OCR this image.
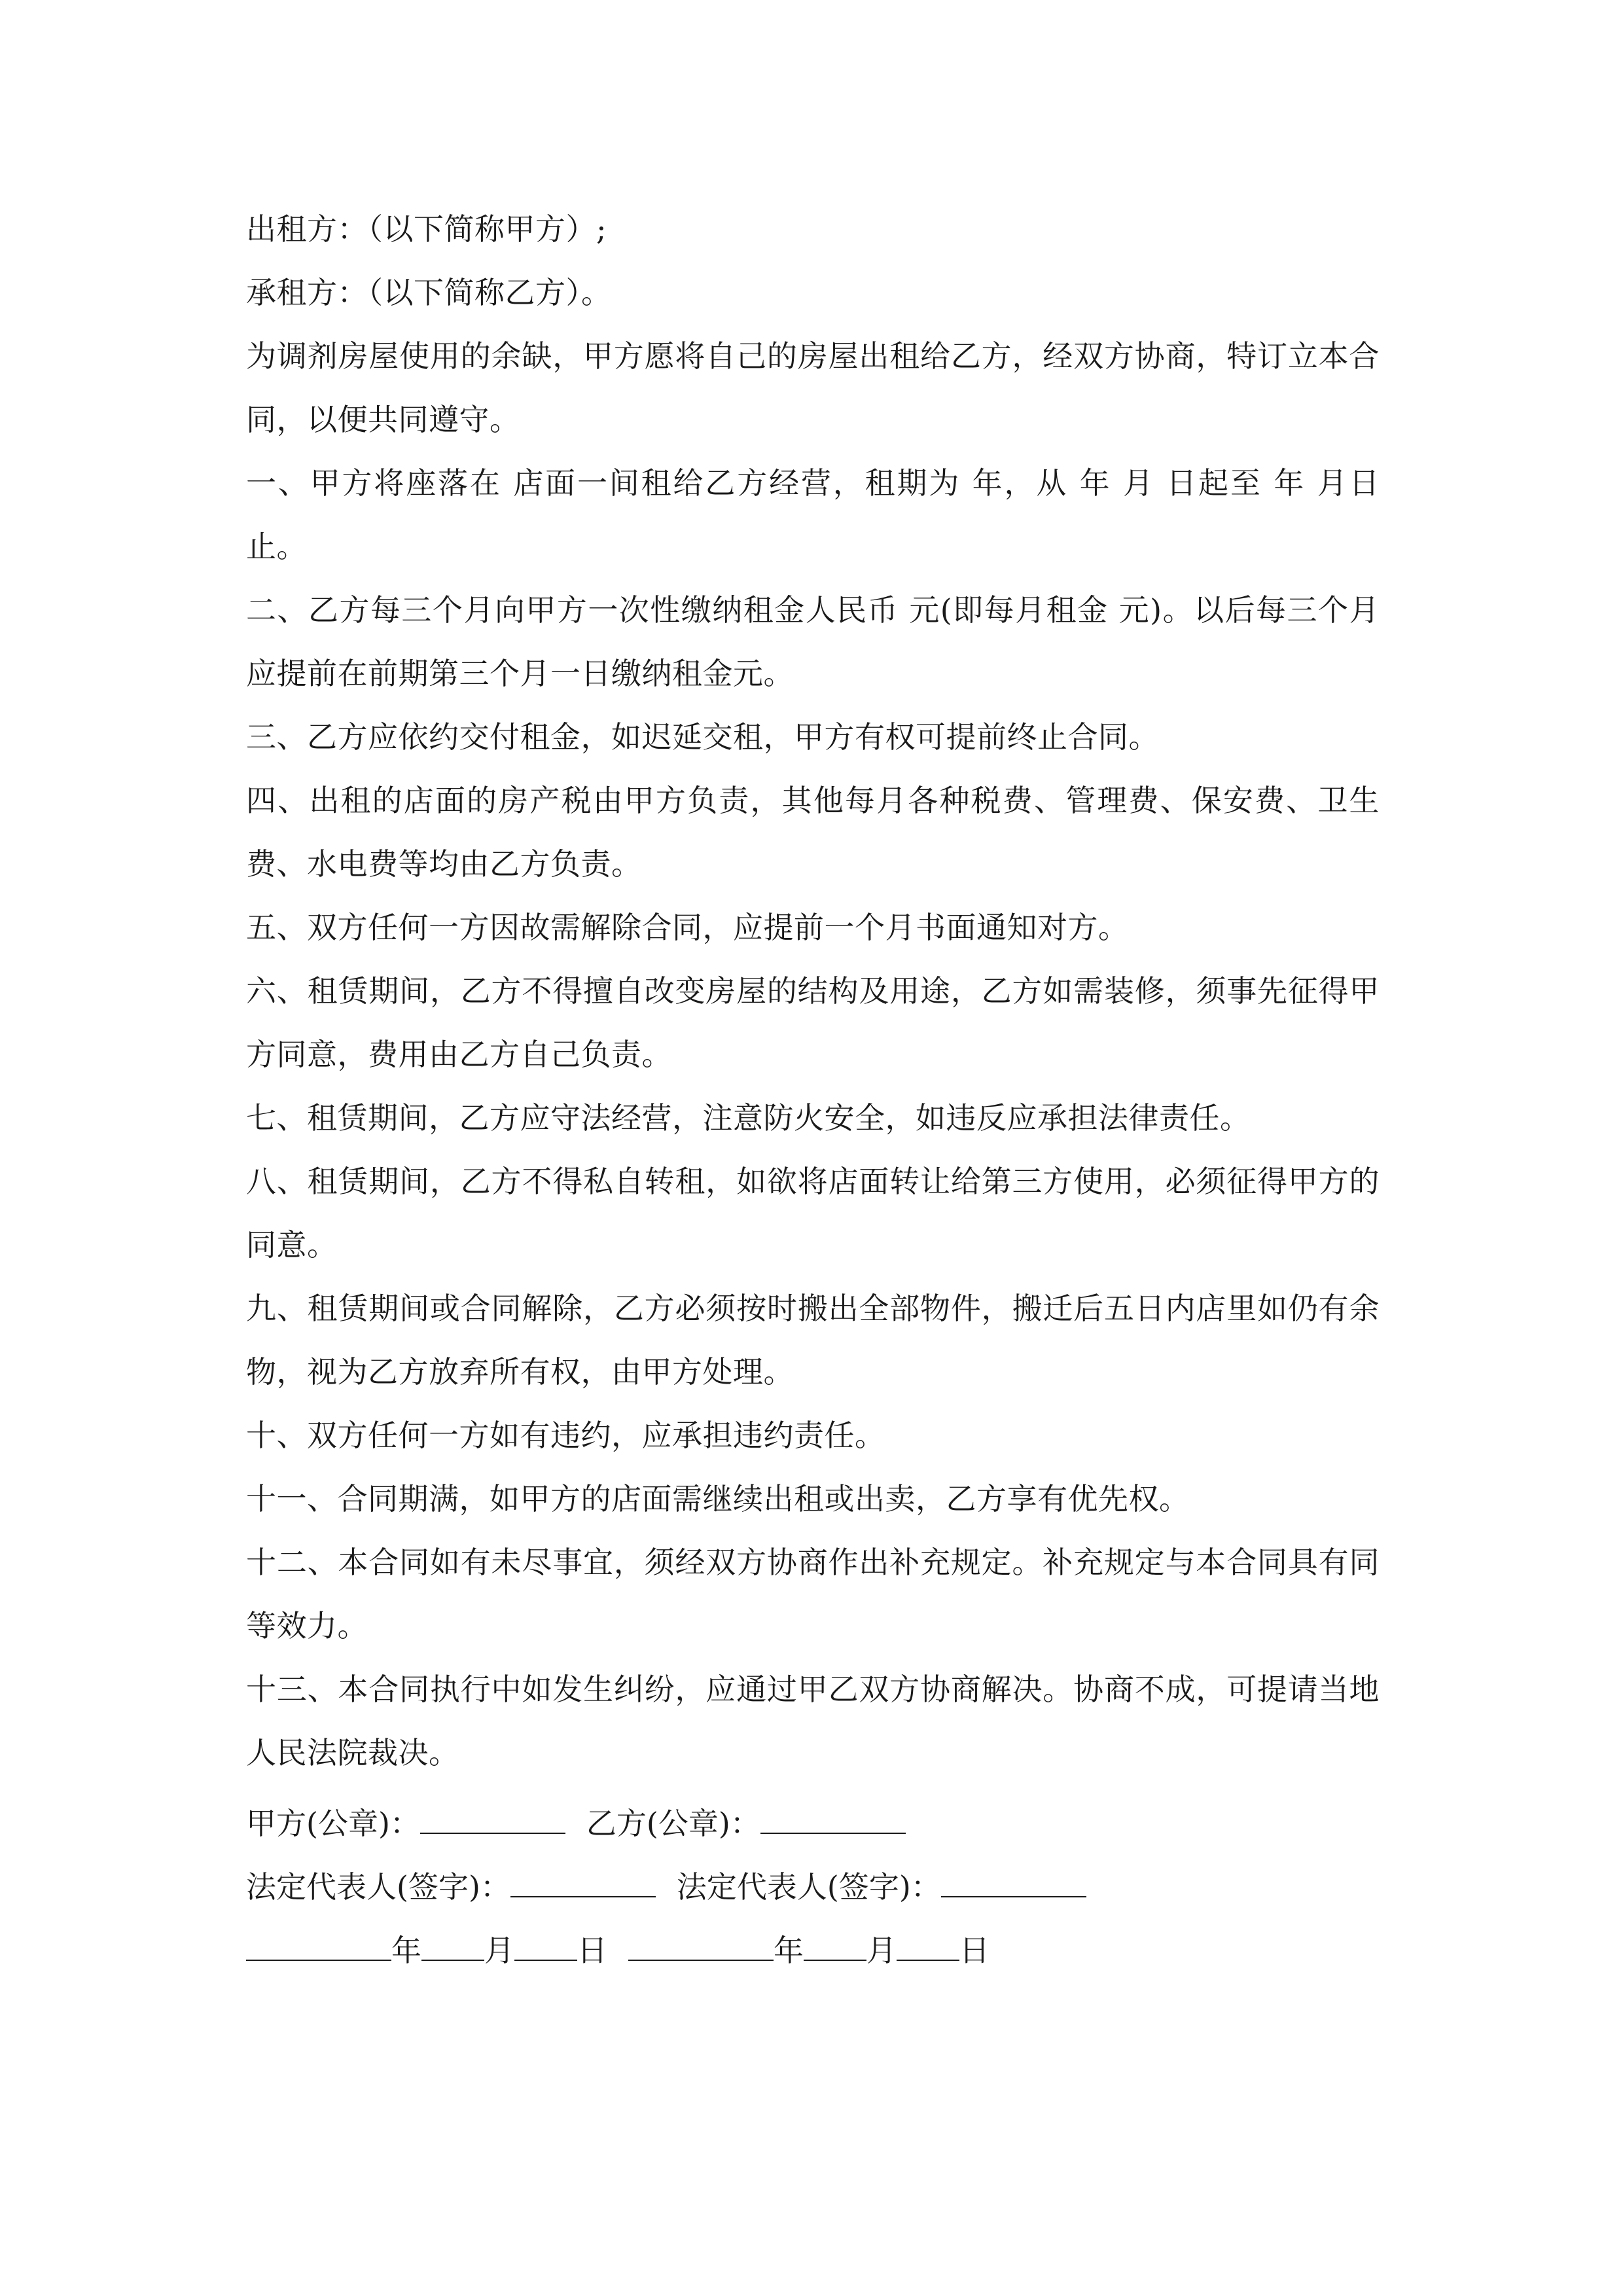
出租方：（以下简称甲方）;

承租方：（以下简称乙方）。

为调剂房屋使用的余缺，甲方愿将自己的房屋出租给乙方，经双方协商，特订立本合同，以便共同遵守。

一、甲方将座落在 店面一间租给乙方经营，租期为 年，从 年 月 日起至 年 月日止。

二、乙方每三个月向甲方一次性缴纳租金人民币 元(即每月租金 元)。以后每三个月应提前在前期第三个月一日缴纳租金元。

三、乙方应依约交付租金，如迟延交租，甲方有权可提前终止合同。

四、出租的店面的房产税由甲方负责，其他每月各种税费、管理费、保安费、卫生费、水电费等均由乙方负责。

五、双方任何一方因故需解除合同，应提前一个月书面通知对方。

六、租赁期间，乙方不得擅自改变房屋的结构及用途，乙方如需装修，须事先征得甲方同意，费用由乙方自己负责。

七、租赁期间，乙方应守法经营，注意防火安全，如违反应承担法律责任。

八、租赁期间，乙方不得私自转租，如欲将店面转让给第三方使用，必须征得甲方的同意。

九、租赁期间或合同解除，乙方必须按时搬出全部物件，搬迁后五日内店里如仍有余物，视为乙方放弃所有权，由甲方处理。

十、双方任何一方如有违约，应承担违约责任。

十一、合同期满，如甲方的店面需继续出租或出卖，乙方享有优先权。

十二、本合同如有未尽事宜，须经双方协商作出补充规定。补充规定与本合同具有同等效力。

十三、本合同执行中如发生纠纷，应通过甲乙双方协商解决。协商不成，可提请当地人民法院裁决。

甲方(公章)：	乙方(公章)：
法定代表人(签字)：	法定代表人(签字)：
年 月 日	年 月 日
